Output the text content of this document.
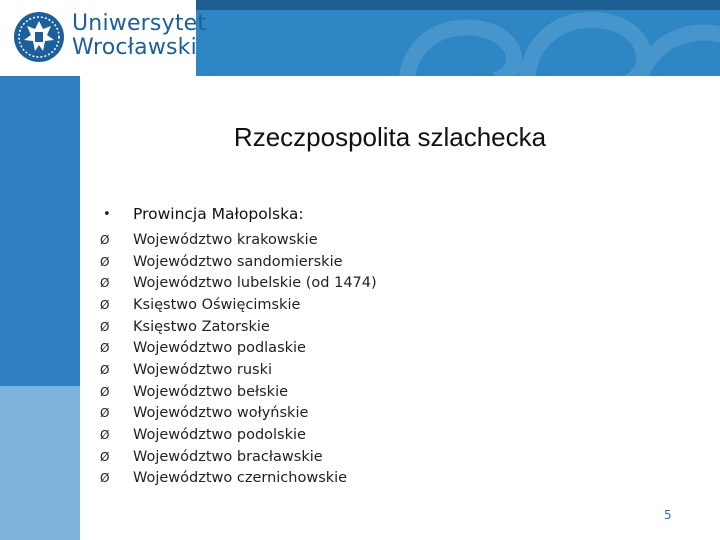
Uniwersytet
Wrocławski
Rzeczpospolita szlachecka
•	Prowincja Małopolska:
Ø	Województwo krakowskie
Ø	Województwo sandomierskie
Ø	Województwo lubelskie (od 1474)
Ø	Księstwo Oświęcimskie
Ø	Księstwo Zatorskie
Ø	Województwo podlaskie
Ø	Województwo ruski
Ø	Województwo bełskie
Ø	Województwo wołyńskie
Ø	Województwo podolskie
Ø	Województwo bracławskie
Ø	Województwo czernichowskie
5
